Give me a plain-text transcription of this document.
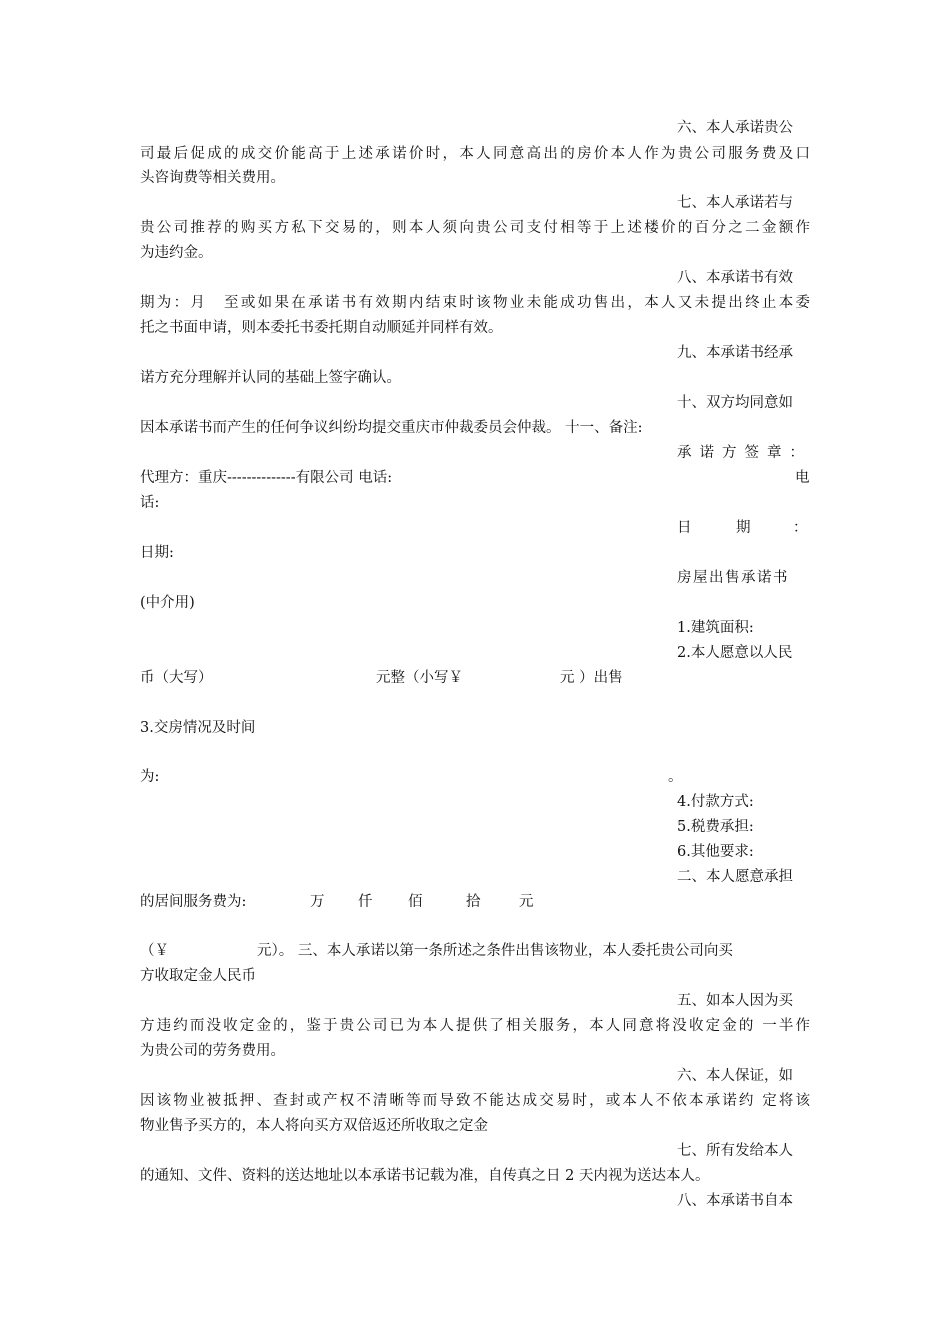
六、本人承诺贵公
司最后促成的成交价能高于上述承诺价时，本人同意高出的房价本人作为贵公司服务费及口
头咨询费等相关费用。
七、本人承诺若与
贵公司推荐的购买方私下交易的，则本人须向贵公司支付相等于上述楼价的百分之二金额作
为违约金。
八、本承诺书有效
期为：月　至或如果在承诺书有效期内结束时该物业未能成功售出，本人又未提出终止本委
托之书面申请，则本委托书委托期自动顺延并同样有效。
九、本承诺书经承
诺方充分理解并认同的基础上签字确认。
十、双方均同意如
因本承诺书而产生的任何争议纠纷均提交重庆市仲裁委员会仲裁。 十一、备注:
承诺方签章：
代理方：重庆--------------有限公司 电话:	电
话:
日	期	：
日期:
房屋出售承诺书
(中介用)
1.建筑面积:
2.本人愿意以人民
币（大写）	元整（小写￥	元 ）出售
3.交房情况及时间
为:	。
4.付款方式:
5.税费承担:
6.其他要求:
二、本人愿意承担
的居间服务费为:	万 仟 佰	拾	元
（￥	元）。 三、本人承诺以第一条所述之条件出售该物业，本人委托贵公司向买
方收取定金人民币
五、如本人因为买
方违约而没收定金的，鉴于贵公司已为本人提供了相关服务，本人同意将没收定金的 一半作
为贵公司的劳务费用。
六、本人保证，如
因该物业被抵押、查封或产权不清晰等而导致不能达成交易时，或本人不依本承诺约 定将该
物业售予买方的，本人将向买方双倍返还所收取之定金
七、所有发给本人
的通知、文件、资料的送达地址以本承诺书记载为准，自传真之日 2 天内视为送达本人。
八、本承诺书自本
